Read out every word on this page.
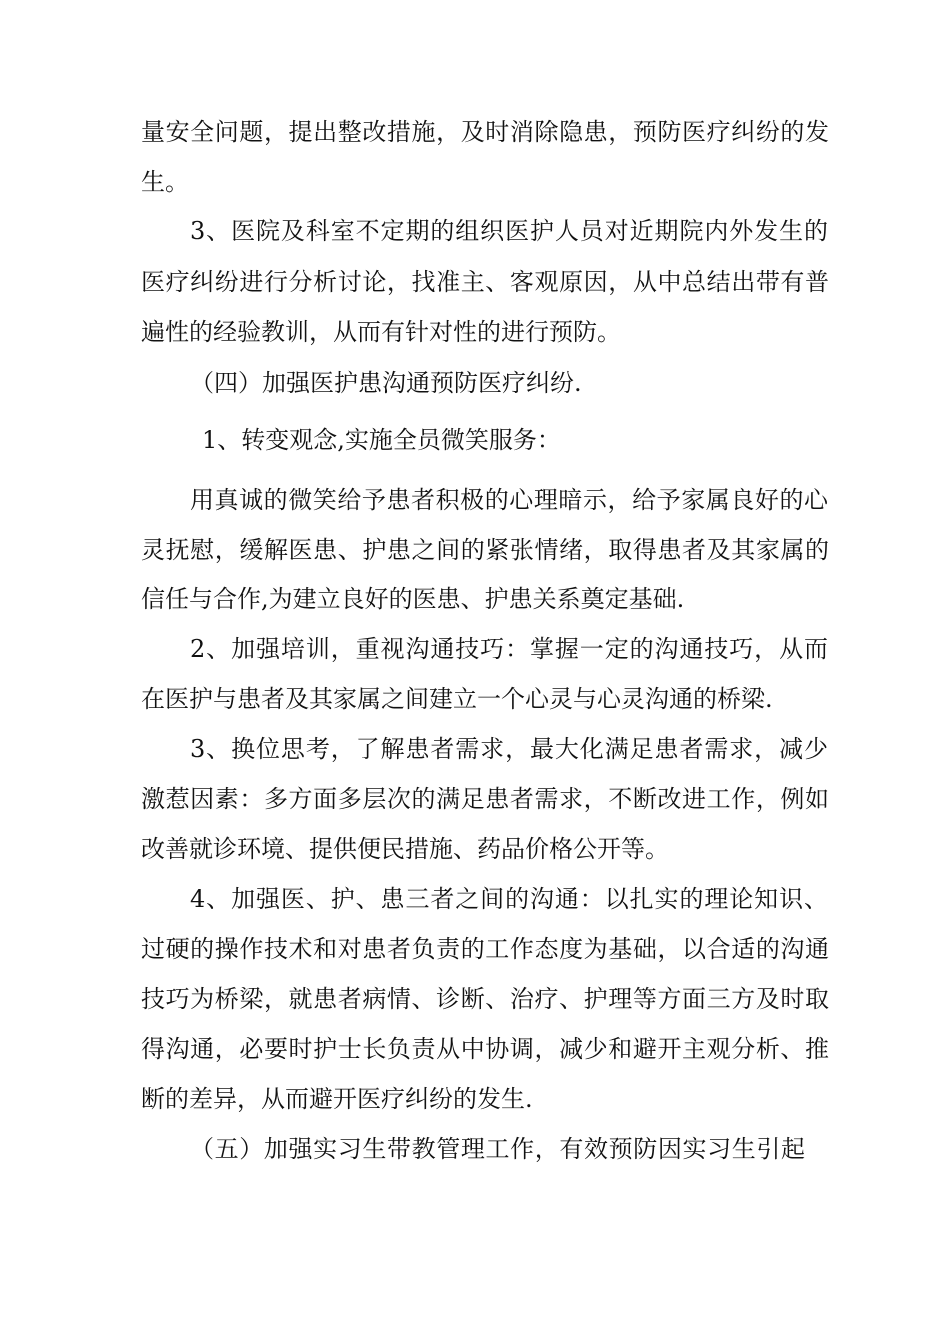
量安全问题，提出整改措施，及时消除隐患，预防医疗纠纷的发

生。

3、医院及科室不定期的组织医护人员对近期院内外发生的

医疗纠纷进行分析讨论，找准主、客观原因，从中总结出带有普

遍性的经验教训，从而有针对性的进行预防。

（四）加强医护患沟通预防医疗纠纷.

1、转变观念,实施全员微笑服务：

用真诚的微笑给予患者积极的心理暗示，给予家属良好的心

灵抚慰，缓解医患、护患之间的紧张情绪，取得患者及其家属的

信任与合作,为建立良好的医患、护患关系奠定基础.

2、加强培训，重视沟通技巧：掌握一定的沟通技巧，从而

在医护与患者及其家属之间建立一个心灵与心灵沟通的桥梁.

3、换位思考，了解患者需求，最大化满足患者需求，减少

激惹因素：多方面多层次的满足患者需求，不断改进工作，例如

改善就诊环境、提供便民措施、药品价格公开等。

4、加强医、护、患三者之间的沟通：以扎实的理论知识、

过硬的操作技术和对患者负责的工作态度为基础，以合适的沟通

技巧为桥梁，就患者病情、诊断、治疗、护理等方面三方及时取

得沟通，必要时护士长负责从中协调，减少和避开主观分析、推

断的差异，从而避开医疗纠纷的发生.

（五）加强实习生带教管理工作，有效预防因实习生引起
